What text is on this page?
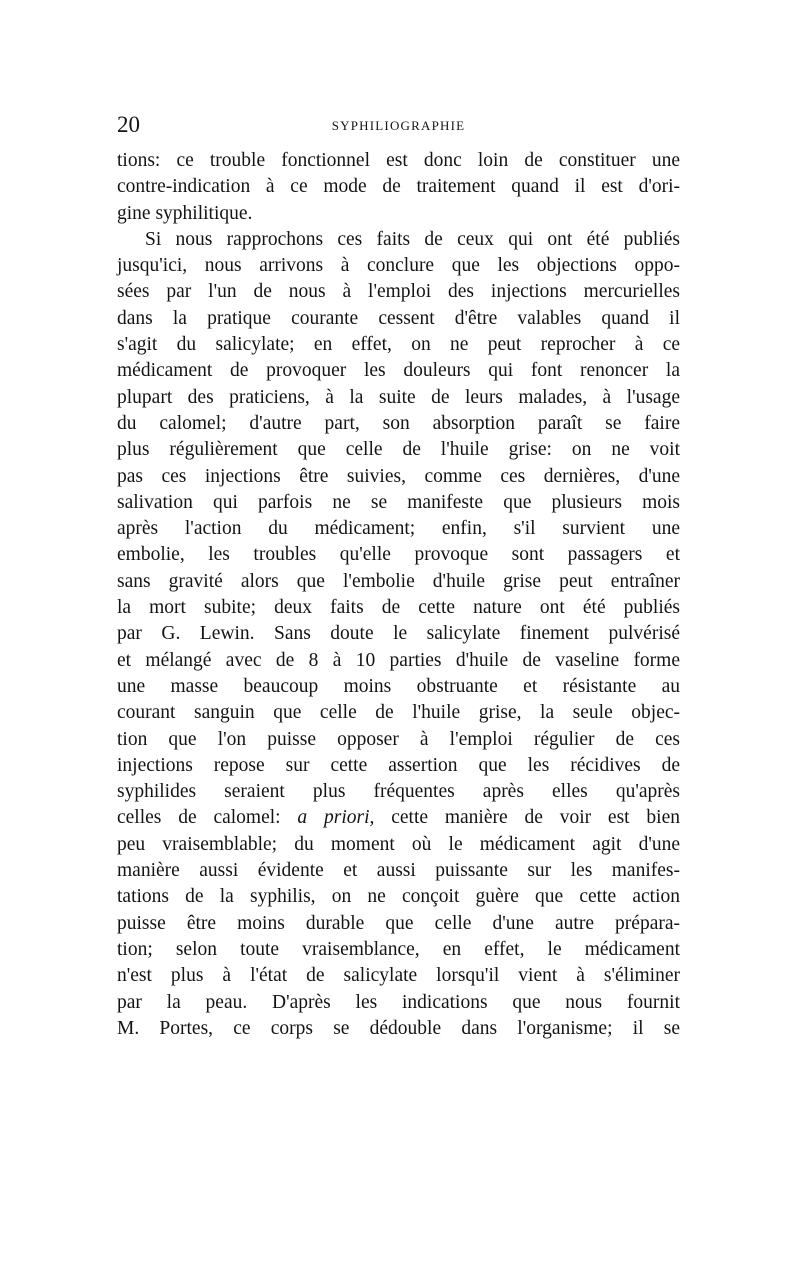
20	SYPHILIOGRAPHIE
tions: ce trouble fonctionnel est donc loin de constituer une
contre-indication à ce mode de traitement quand il est d'ori-
gine syphilitique.
Si nous rapprochons ces faits de ceux qui ont été publiés
jusqu'ici, nous arrivons à conclure que les objections oppo-
sées par l'un de nous à l'emploi des injections mercurielles
dans la pratique courante cessent d'être valables quand il
s'agit du salicylate; en effet, on ne peut reprocher à ce
médicament de provoquer les douleurs qui font renoncer la
plupart des praticiens, à la suite de leurs malades, à l'usage
du calomel; d'autre part, son absorption paraît se faire
plus régulièrement que celle de l'huile grise: on ne voit
pas ces injections être suivies, comme ces dernières, d'une
salivation qui parfois ne se manifeste que plusieurs mois
après l'action du médicament; enfin, s'il survient une
embolie, les troubles qu'elle provoque sont passagers et
sans gravité alors que l'embolie d'huile grise peut entraîner
la mort subite; deux faits de cette nature ont été publiés
par G. Lewin. Sans doute le salicylate finement pulvérisé
et mélangé avec de 8 à 10 parties d'huile de vaseline forme
une masse beaucoup moins obstruante et résistante au
courant sanguin que celle de l'huile grise, la seule objec-
tion que l'on puisse opposer à l'emploi régulier de ces
injections repose sur cette assertion que les récidives de
syphilides seraient plus fréquentes après elles qu'après
celles de calomel: a priori, cette manière de voir est bien
peu vraisemblable; du moment où le médicament agit d'une
manière aussi évidente et aussi puissante sur les manifes-
tations de la syphilis, on ne conçoit guère que cette action
puisse être moins durable que celle d'une autre prépara-
tion; selon toute vraisemblance, en effet, le médicament
n'est plus à l'état de salicylate lorsqu'il vient à s'éliminer
par la peau. D'après les indications que nous fournit
M. Portes, ce corps se dédouble dans l'organisme; il se
